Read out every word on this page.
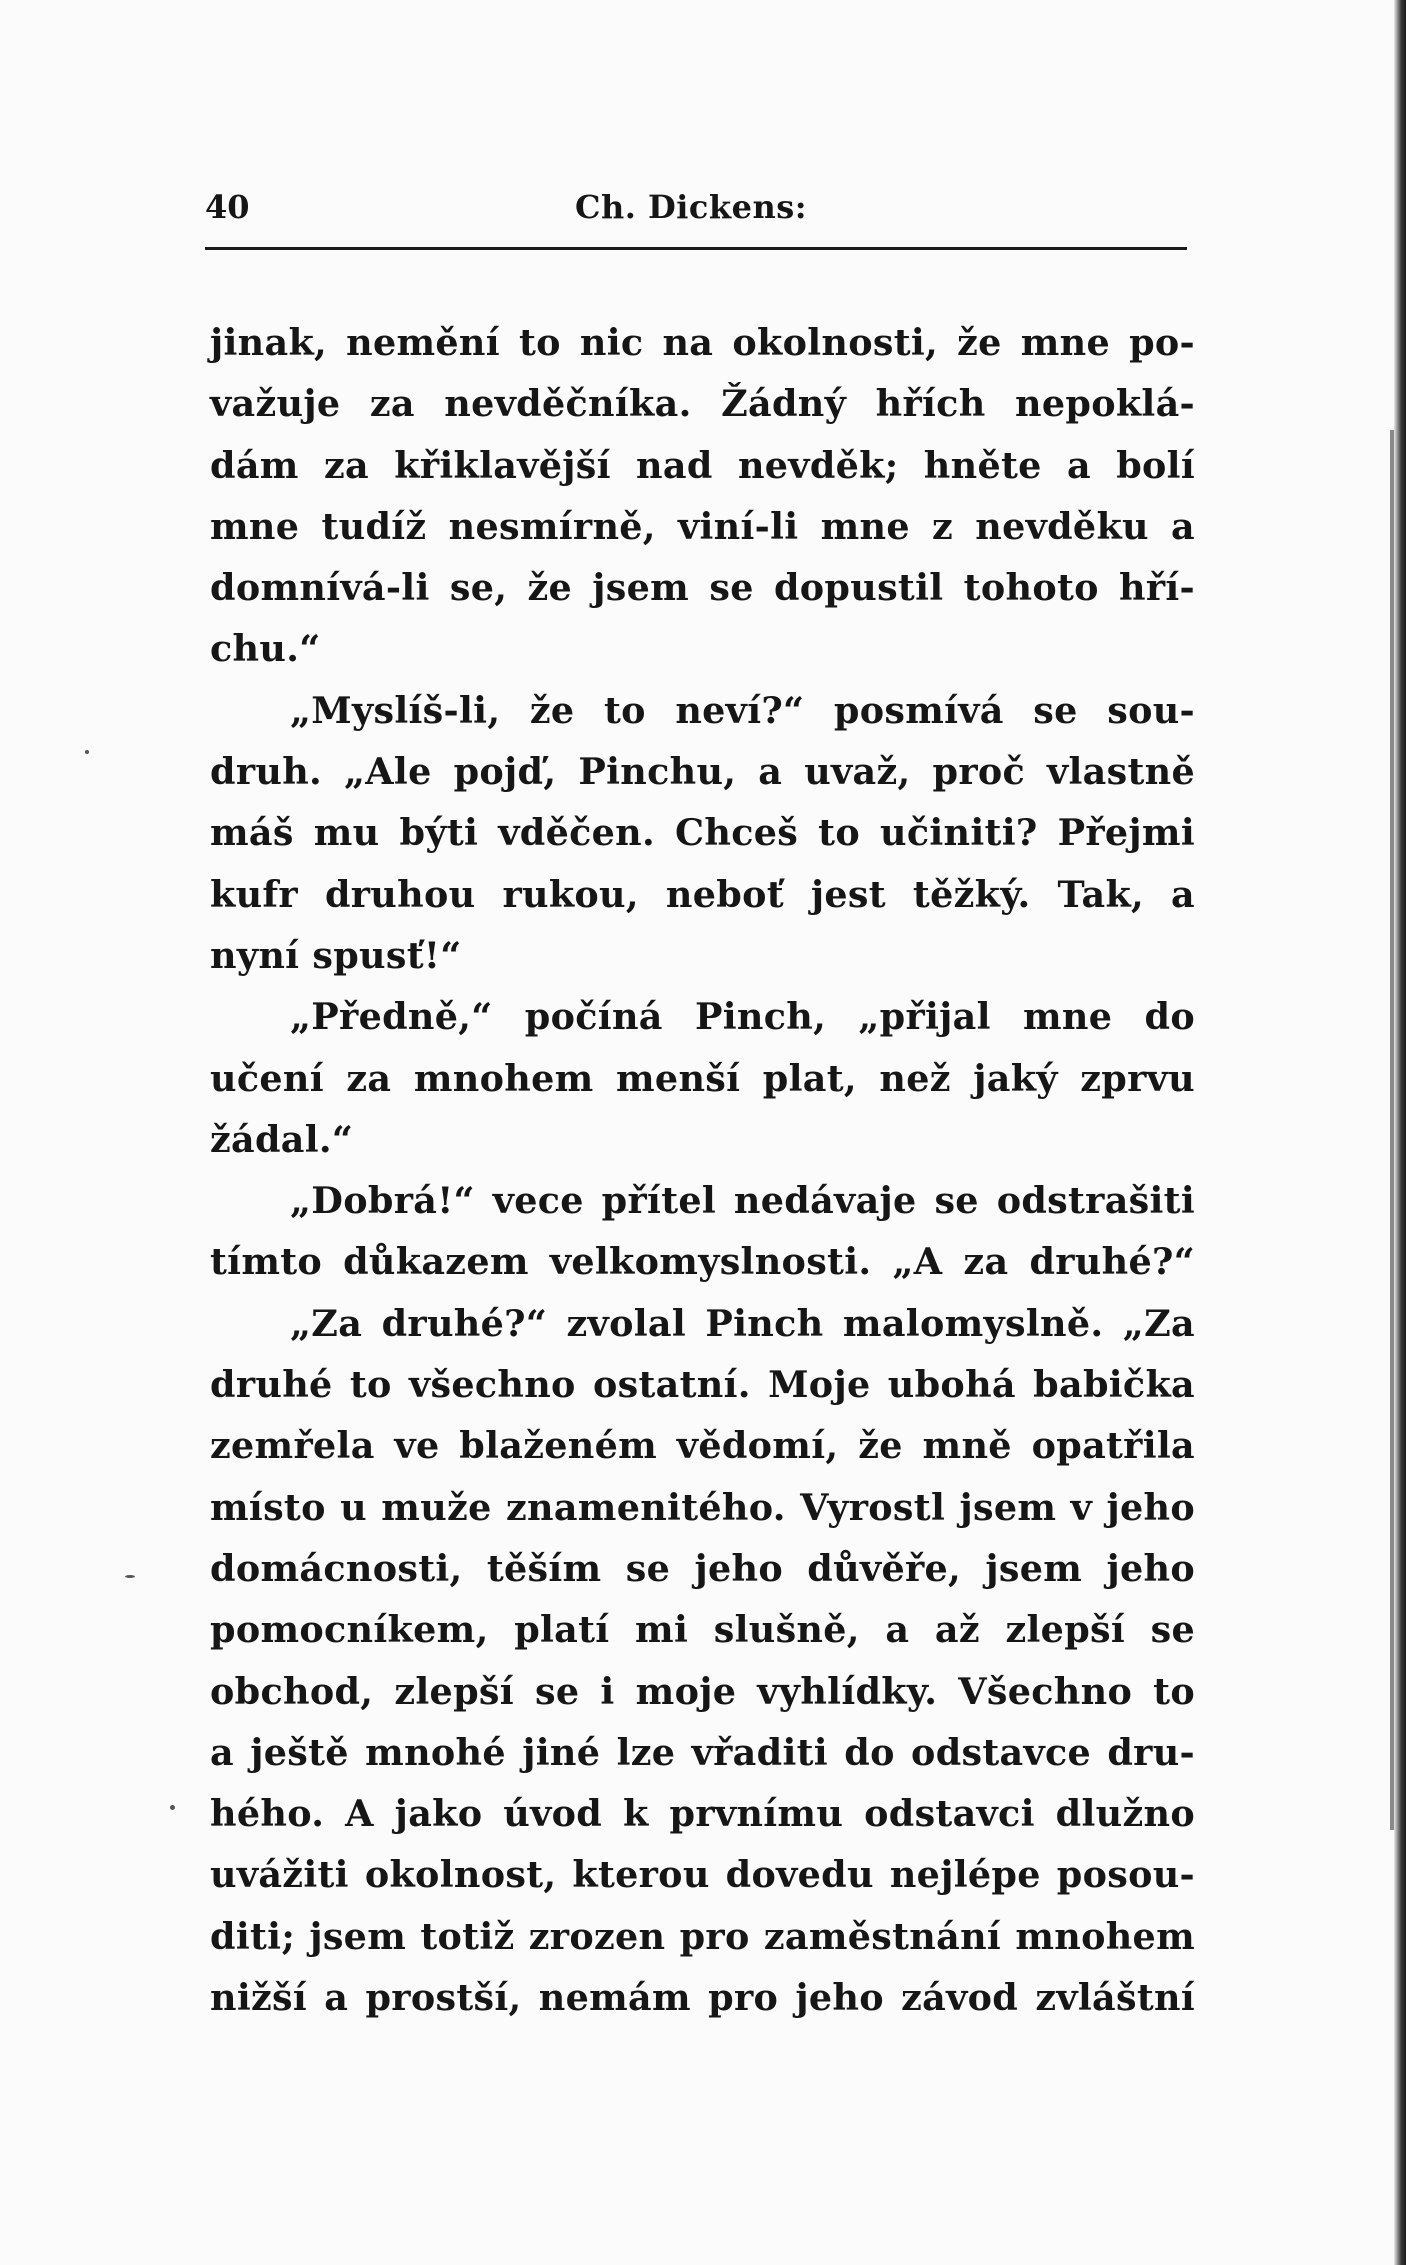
40	Ch. Dickens:
jinak, nemění to nic na okolnosti, že mne po-
važuje za nevděčníka. Žádný hřích nepoklá-
dám za křiklavější nad nevděk; hněte a bolí
mne tudíž nesmírně, viní-li mne z nevděku a
domnívá-li se, že jsem se dopustil tohoto hří-
chu.“
„Myslíš-li, že to neví?“ posmívá se sou-
druh. „Ale pojď, Pinchu, a uvaž, proč vlastně
máš mu býti vděčen. Chceš to učiniti? Přejmi
kufr druhou rukou, neboť jest těžký. Tak, a
nyní spusť!“
„Předně,“ počíná Pinch, „přijal mne do
učení za mnohem menší plat, než jaký zprvu
žádal.“
„Dobrá!“ vece přítel nedávaje se odstrašiti
tímto důkazem velkomyslnosti. „A za druhé?“
„Za druhé?“ zvolal Pinch malomyslně. „Za
druhé to všechno ostatní. Moje ubohá babička
zemřela ve blaženém vědomí, že mně opatřila
místo u muže znamenitého. Vyrostl jsem v jeho
domácnosti, těším se jeho důvěře, jsem jeho
pomocníkem, platí mi slušně, a až zlepší se
obchod, zlepší se i moje vyhlídky. Všechno to
a ještě mnohé jiné lze vřaditi do odstavce dru-
hého. A jako úvod k prvnímu odstavci dlužno
uvážiti okolnost, kterou dovedu nejlépe posou-
diti; jsem totiž zrozen pro zaměstnání mnohem
nižší a prostší, nemám pro jeho závod zvláštní
